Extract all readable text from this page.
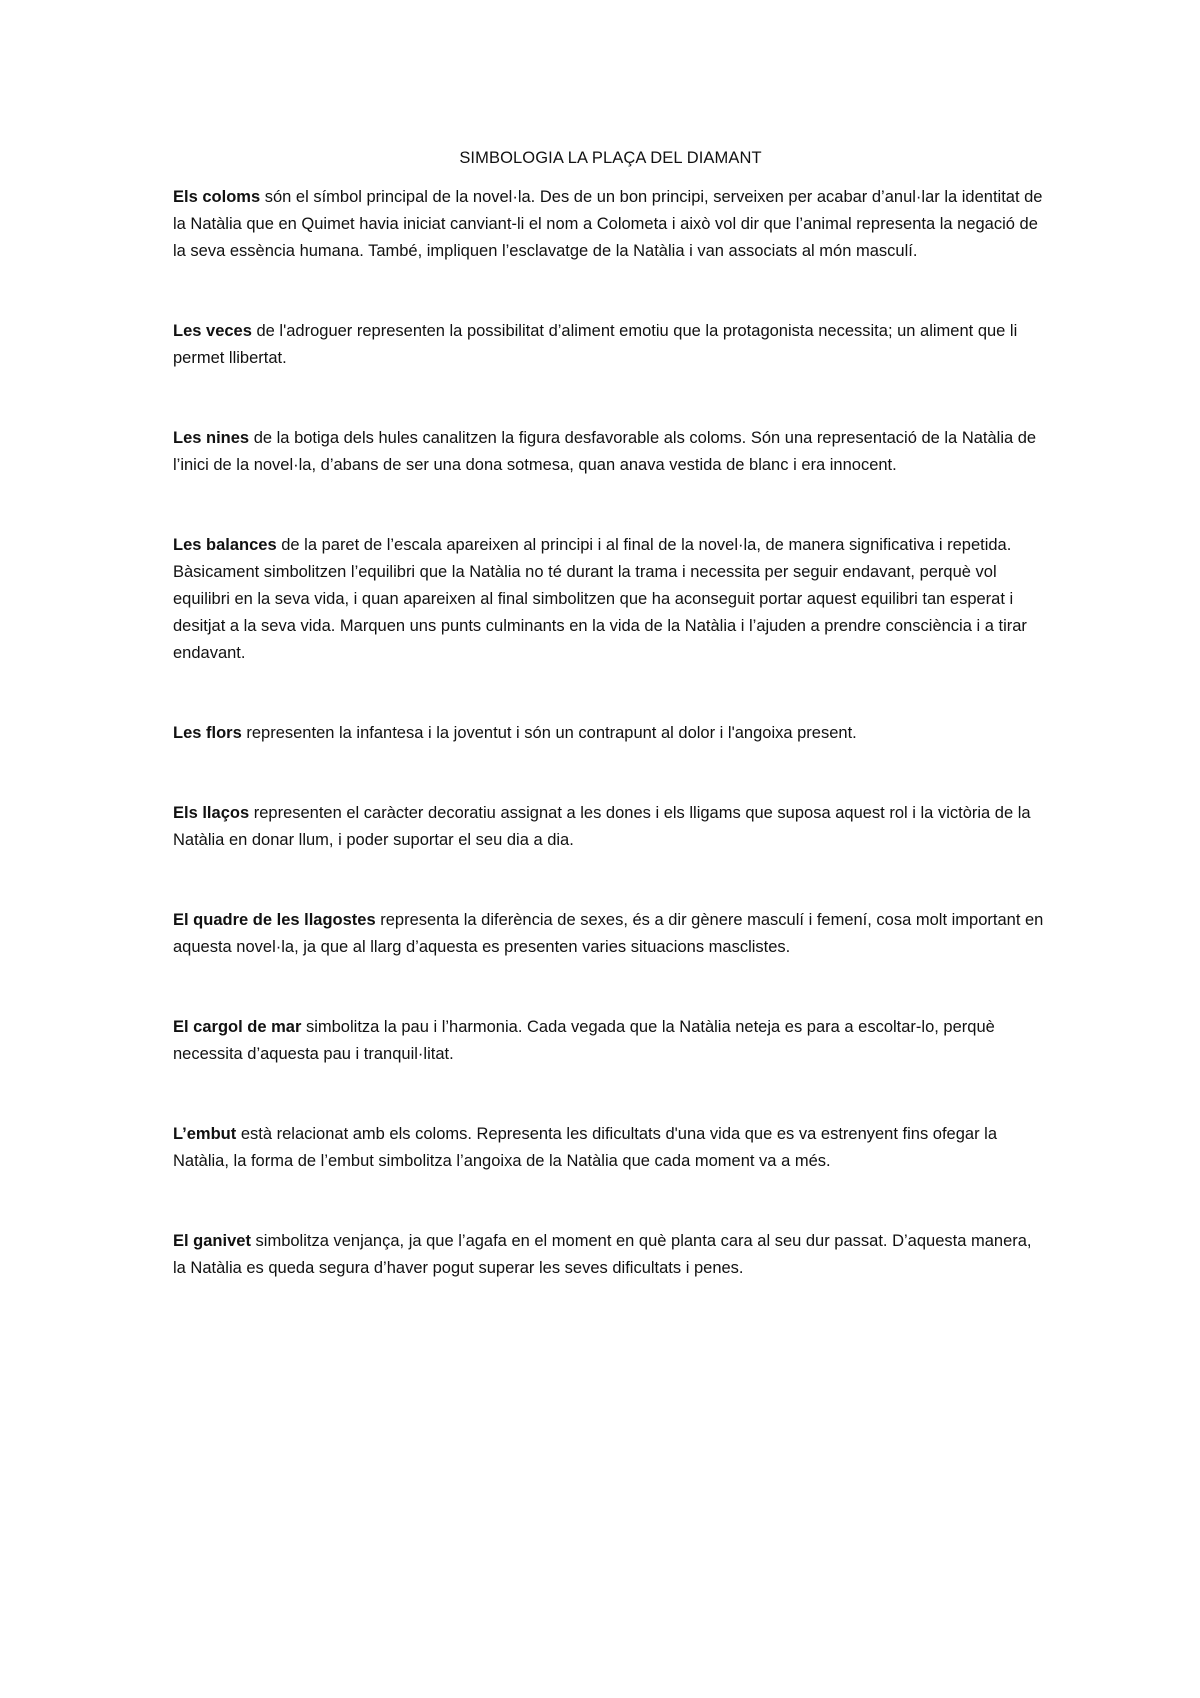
SIMBOLOGIA LA PLAÇA DEL DIAMANT

Els coloms són el símbol principal de la novel·la. Des de un bon principi, serveixen per acabar d’anul·lar la identitat de la Natàlia que en Quimet havia iniciat canviant-li el nom a Colometa i això vol dir que l’animal representa la negació de la seva essència humana. També, impliquen l’esclavatge de la Natàlia i van associats al món masculí.

Les veces de l'adroguer representen la possibilitat d’aliment emotiu que la protagonista necessita; un aliment que li permet llibertat.

Les nines de la botiga dels hules canalitzen la figura desfavorable als coloms. Són una representació de la Natàlia de l’inici de la novel·la, d’abans de ser una dona sotmesa, quan anava vestida de blanc i era innocent.

Les balances de la paret de l’escala apareixen al principi i al final de la novel·la, de manera significativa i repetida. Bàsicament simbolitzen l’equilibri que la Natàlia no té durant la trama i necessita per seguir endavant, perquè vol equilibri en la seva vida, i quan apareixen al final simbolitzen que ha aconseguit portar aquest equilibri tan esperat i desitjat a la seva vida. Marquen uns punts culminants en la vida de la Natàlia i l’ajuden a prendre consciència i a tirar endavant.

Les flors representen la infantesa i la joventut i són un contrapunt al dolor i l'angoixa present.

Els llaços representen el caràcter decoratiu assignat a les dones i els lligams que suposa aquest rol i la victòria de la Natàlia en donar llum, i poder suportar el seu dia a dia.

El quadre de les llagostes representa la diferència de sexes, és a dir gènere masculí i femení, cosa molt important en aquesta novel·la, ja que al llarg d’aquesta es presenten varies situacions masclistes.

El cargol de mar simbolitza la pau i l’harmonia. Cada vegada que la Natàlia neteja es para a escoltar-lo, perquè necessita d’aquesta pau i tranquil·litat.

L’embut està relacionat amb els coloms. Representa les dificultats d'una vida que es va estrenyent fins ofegar la Natàlia, la forma de l’embut simbolitza l’angoixa de la Natàlia que cada moment va a més.

El ganivet simbolitza venjança, ja que l’agafa en el moment en què planta cara al seu dur passat. D’aquesta manera, la Natàlia es queda segura d’haver pogut superar les seves dificultats i penes.
